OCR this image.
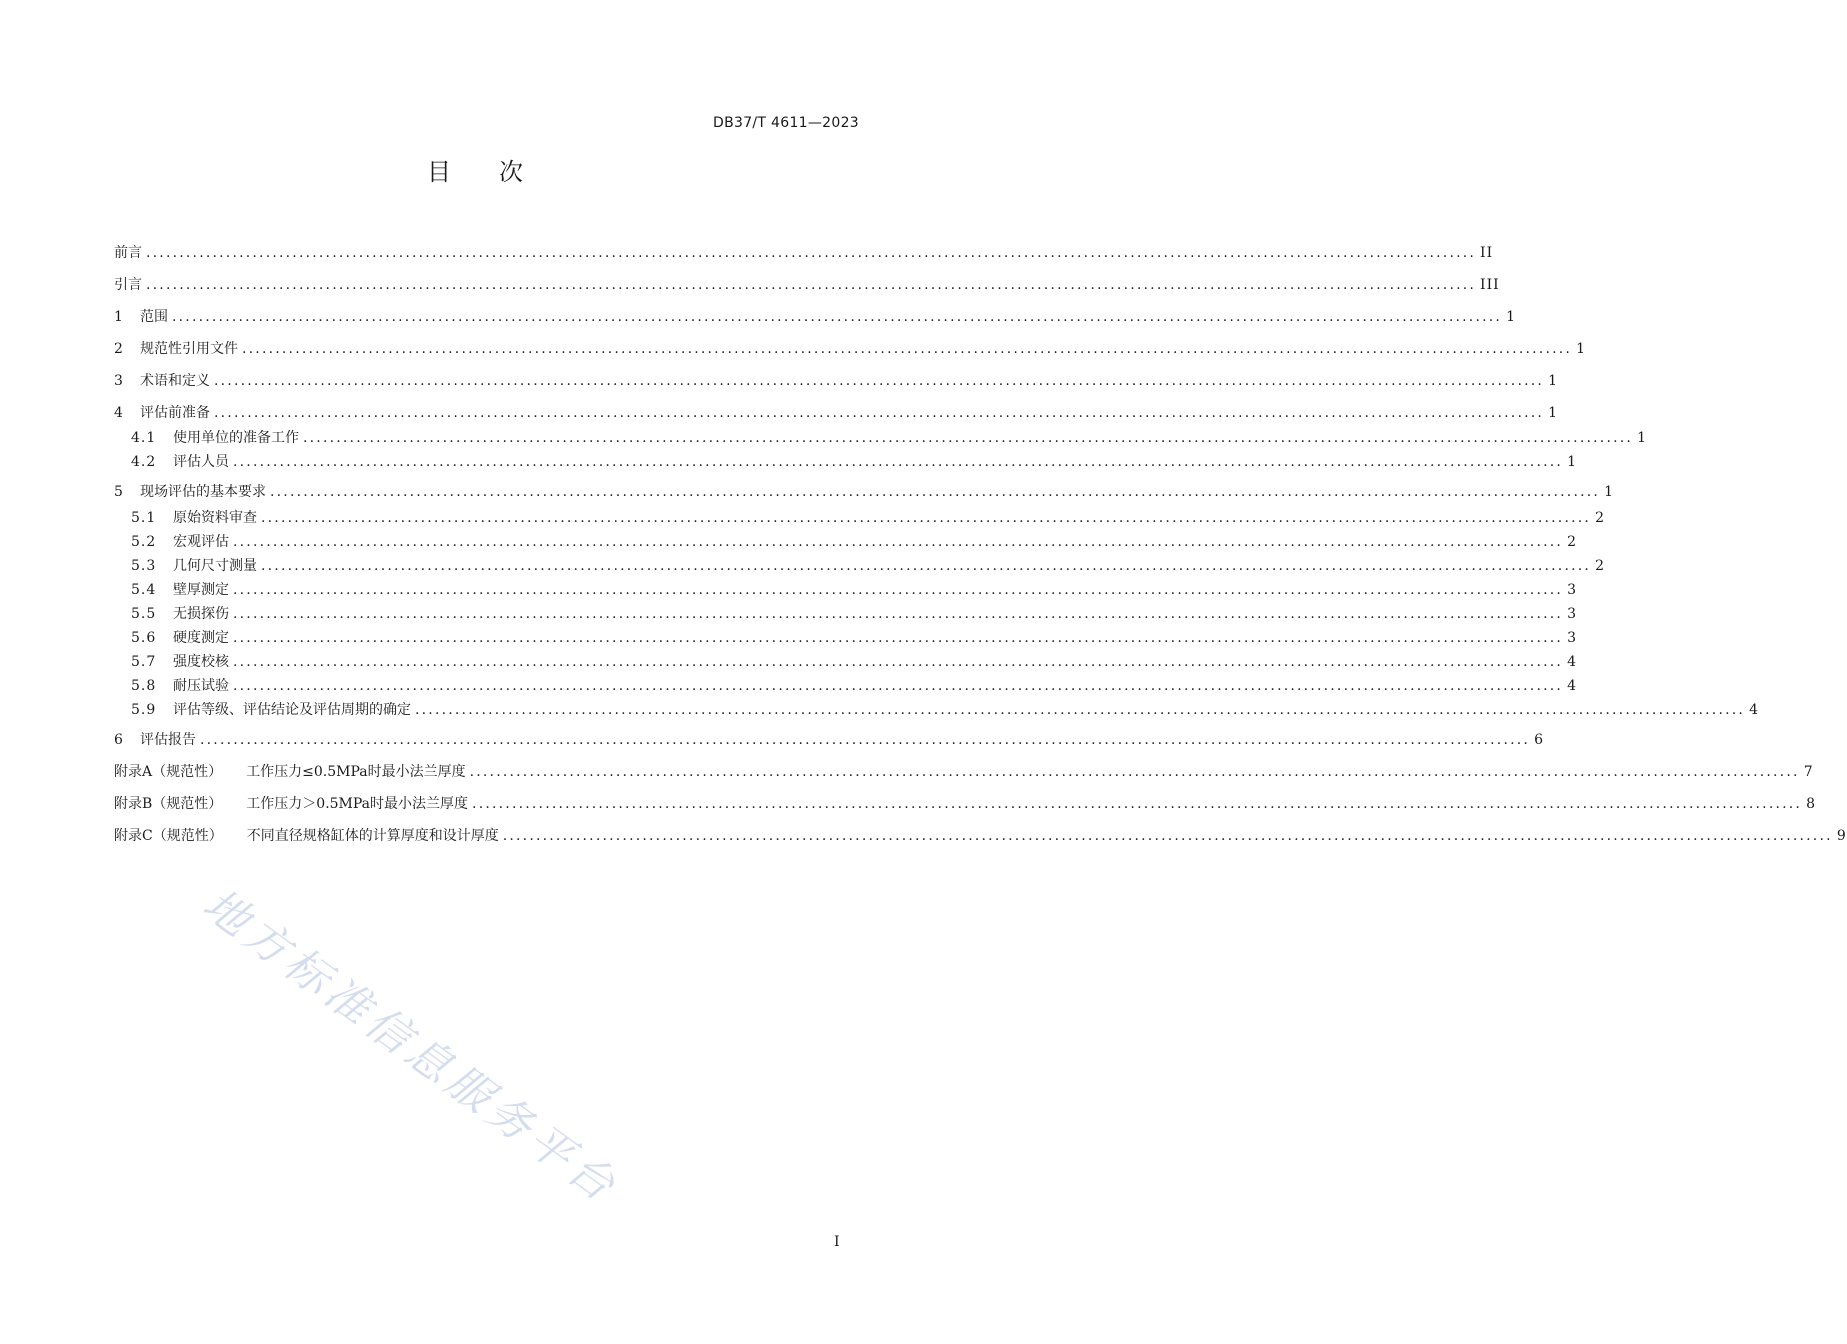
DB37/T 4611—2023
目次
前言 ........................................................................................................................................................................................................ II
引言 ........................................................................................................................................................................................................ III
1	范围 ........................................................................................................................................................................................................ 1
2	规范性引用文件 ........................................................................................................................................................................................................ 1
3	术语和定义 ........................................................................................................................................................................................................ 1
4	评估前准备 ........................................................................................................................................................................................................ 1
4.1	使用单位的准备工作 ........................................................................................................................................................................................................ 1
4.2	评估人员 ........................................................................................................................................................................................................ 1
5	现场评估的基本要求 ........................................................................................................................................................................................................ 1
5.1	原始资料审查 ........................................................................................................................................................................................................ 2
5.2	宏观评估 ........................................................................................................................................................................................................ 2
5.3	几何尺寸测量 ........................................................................................................................................................................................................ 2
5.4	壁厚测定 ........................................................................................................................................................................................................ 3
5.5	无损探伤 ........................................................................................................................................................................................................ 3
5.6	硬度测定 ........................................................................................................................................................................................................ 3
5.7	强度校核 ........................................................................................................................................................................................................ 4
5.8	耐压试验 ........................................................................................................................................................................................................ 4
5.9	评估等级、评估结论及评估周期的确定 ........................................................................................................................................................................................................ 4
6	评估报告 ........................................................................................................................................................................................................ 6
附录A（规范性） 工作压力≤0.5MPa时最小法兰厚度 ........................................................................................................................................................................................................ 7
附录B（规范性） 工作压力＞0.5MPa时最小法兰厚度 ........................................................................................................................................................................................................ 8
附录C（规范性） 不同直径规格缸体的计算厚度和设计厚度 ........................................................................................................................................................................................................ 9
I
地方标准信息服务平台
